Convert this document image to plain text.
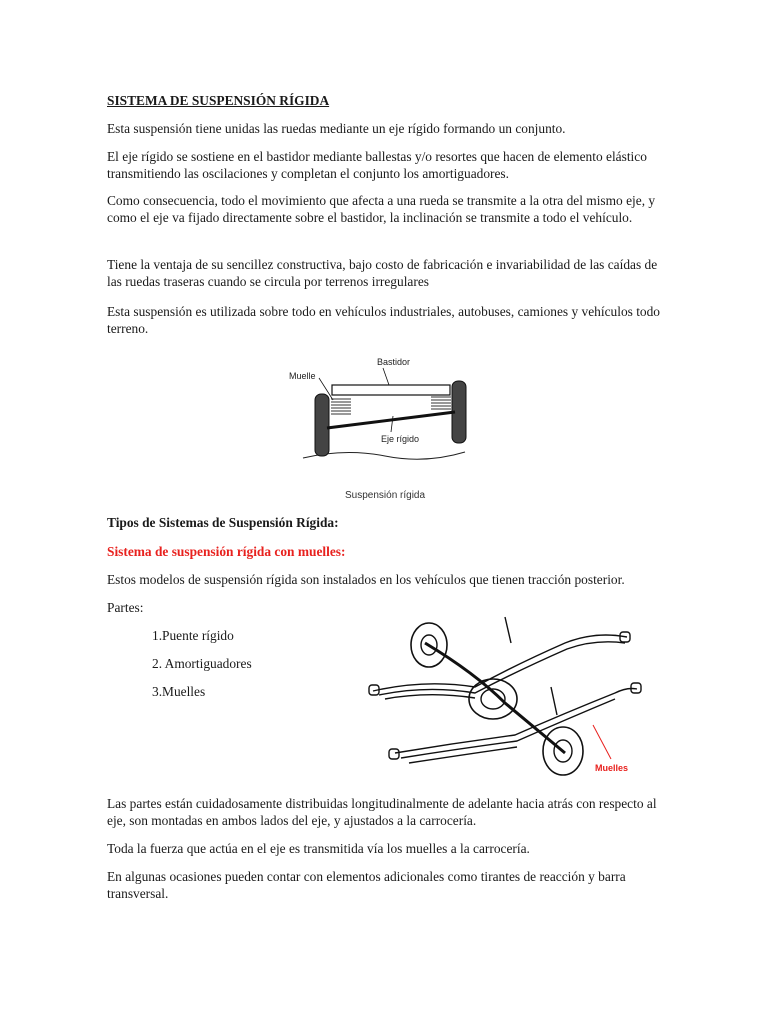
SISTEMA DE SUSPENSIÓN RÍGIDA

Esta suspensión tiene unidas las ruedas mediante un eje rígido formando un conjunto.

El eje rígido se sostiene en el bastidor mediante ballestas y/o resortes que hacen de elemento elástico transmitiendo las oscilaciones y completan el conjunto los amortiguadores.

Como consecuencia, todo el movimiento que afecta a una rueda se transmite a la otra del mismo eje, y como el eje va fijado directamente sobre el bastidor, la inclinación se transmite a todo el vehículo.

Tiene la ventaja de su sencillez constructiva, bajo costo de fabricación e invariabilidad de las caídas de las ruedas traseras cuando se circula por terrenos irregulares

Esta suspensión es utilizada sobre todo en vehículos industriales, autobuses, camiones y vehículos todo terreno.

Muelle
Bastidor
Eje rígido
Suspensión rígida

Tipos de Sistemas de Suspensión Rígida:

Sistema de suspensión rígida con muelles:

Estos modelos de suspensión rígida son instalados en los vehículos que tienen tracción posterior.

Partes:

1.Puente rígido

2. Amortiguadores

3.Muelles

Muelles

Las partes están cuidadosamente distribuidas longitudinalmente de adelante hacia atrás con respecto al eje, son montadas en ambos lados del eje, y ajustados a la carrocería.

Toda la fuerza que actúa en el eje es transmitida vía los muelles a la carrocería.

En algunas ocasiones pueden contar con elementos adicionales como tirantes de reacción y barra transversal.
